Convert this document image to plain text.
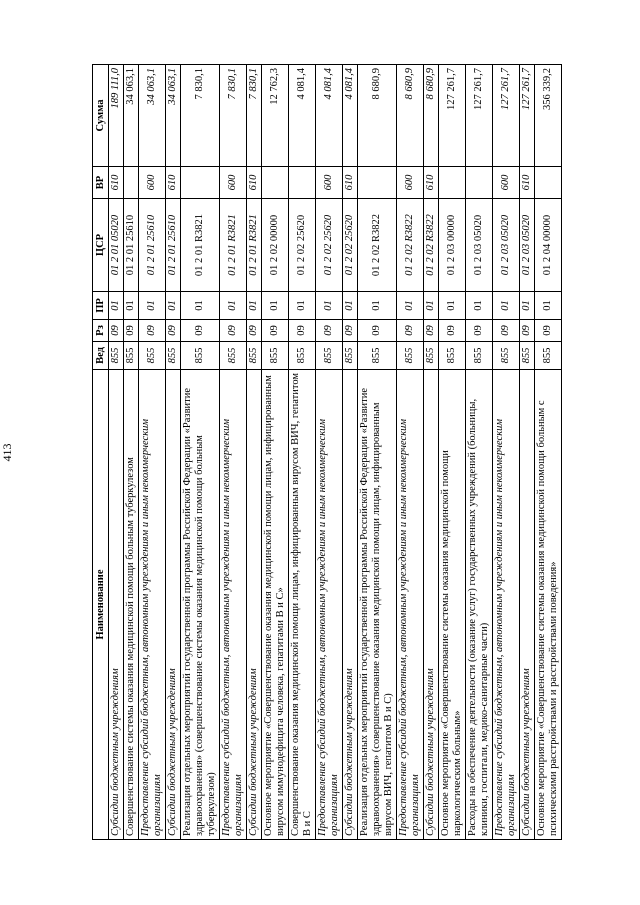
413
Наименование	Вед	Рз	ПР	ЦСР	ВР	Сумма
Субсидии бюджетным учреждениям	855	09	01	01 2 01 05020	610	189 111,0
Совершенствование системы оказания медицинской помощи больным туберкулезом	855	09	01	01 2 01 25610		34 063,1
Предоставление субсидий бюджетным, автономным учреждениям и иным некоммерческим организациям	855	09	01	01 2 01 25610	600	34 063,1
Субсидии бюджетным учреждениям	855	09	01	01 2 01 25610	610	34 063,1
Реализация отдельных мероприятий государственной программы Российской Федерации «Развитие здравоохранения» (совершенствование системы оказания медицинской помощи больным туберкулезом)	855	09	01	01 2 01 R3821		7 830,1
Предоставление субсидий бюджетным, автономным учреждениям и иным некоммерческим организациям	855	09	01	01 2 01 R3821	600	7 830,1
Субсидии бюджетным учреждениям	855	09	01	01 2 01 R3821	610	7 830,1
Основное мероприятие «Совершенствование оказания медицинской помощи лицам, инфицированным вирусом иммунодефицита человека, гепатитами B и C»	855	09	01	01 2 02 00000		12 762,3
Совершенствование оказания медицинской помощи лицам, инфицированным вирусом ВИЧ, гепатитом B и C	855	09	01	01 2 02 25620		4 081,4
Предоставление субсидий бюджетным, автономным учреждениям и иным некоммерческим организациям	855	09	01	01 2 02 25620	600	4 081,4
Субсидии бюджетным учреждениям	855	09	01	01 2 02 25620	610	4 081,4
Реализация отдельных мероприятий государственной программы Российской Федерации «Развитие здравоохранения» (совершенствование оказания медицинской помощи лицам, инфицированным вирусом ВИЧ, гепатитом B и C)	855	09	01	01 2 02 R3822		8 680,9
Предоставление субсидий бюджетным, автономным учреждениям и иным некоммерческим организациям	855	09	01	01 2 02 R3822	600	8 680,9
Субсидии бюджетным учреждениям	855	09	01	01 2 02 R3822	610	8 680,9
Основное мероприятие «Совершенствование системы оказания медицинской помощи наркологическим больным»	855	09	01	01 2 03 00000		127 261,7
Расходы на обеспечение деятельности (оказание услуг) государственных учреждений (больницы, клиники, госпитали, медико-санитарные части)	855	09	01	01 2 03 05020		127 261,7
Предоставление субсидий бюджетным, автономным учреждениям и иным некоммерческим организациям	855	09	01	01 2 03 05020	600	127 261,7
Субсидии бюджетным учреждениям	855	09	01	01 2 03 05020	610	127 261,7
Основное мероприятие «Совершенствование системы оказания медицинской помощи больным с психическими расстройствами и расстройствами поведения»	855	09	01	01 2 04 00000		356 339,2
